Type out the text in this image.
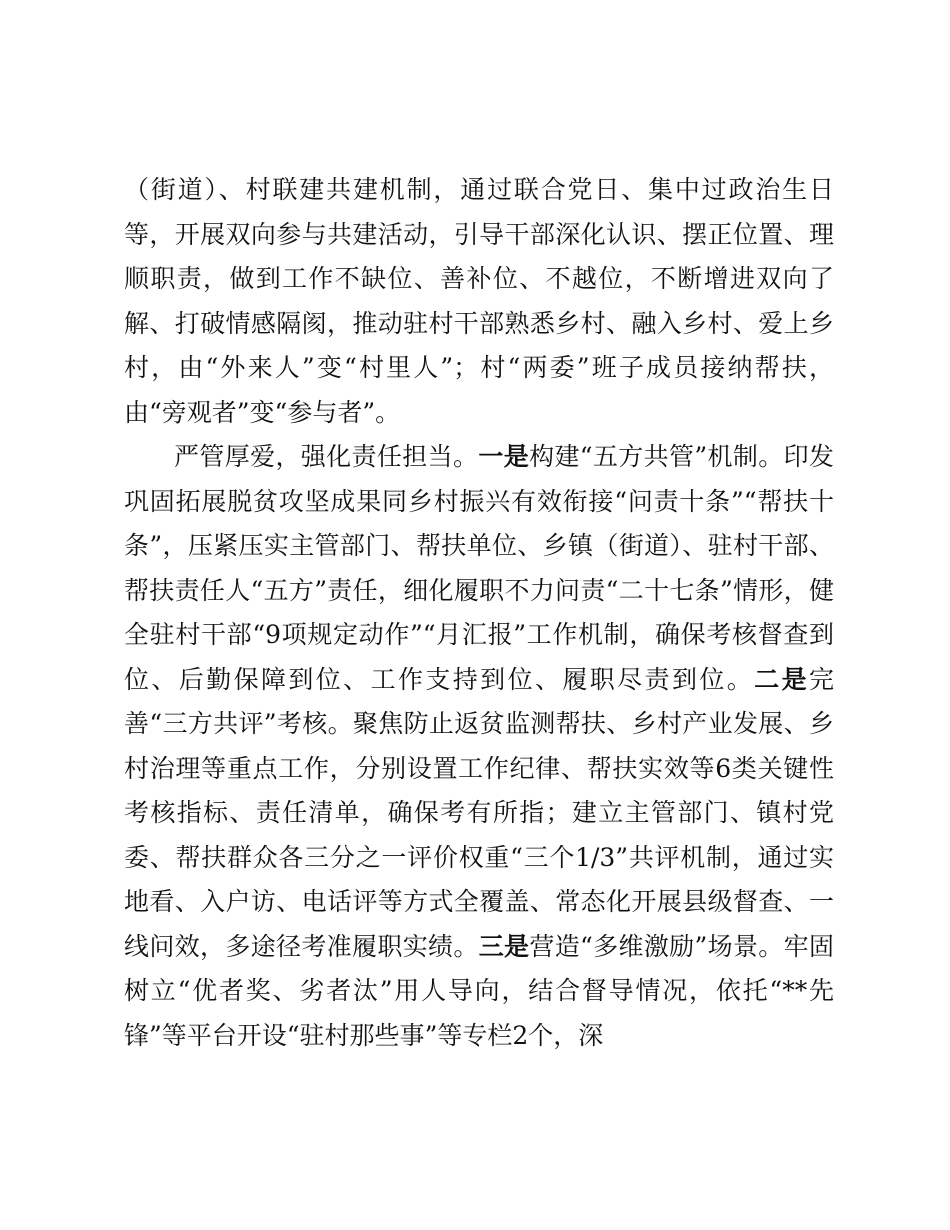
（街道）、村联建共建机制，通过联合党日、集中过政治生日等，开展双向参与共建活动，引导干部深化认识、摆正位置、理顺职责，做到工作不缺位、善补位、不越位，不断增进双向了解、打破情感隔阂，推动驻村干部熟悉乡村、融入乡村、爱上乡村，由“外来人”变“村里人”；村“两委”班子成员接纳帮扶，由“旁观者”变“参与者”。

严管厚爱，强化责任担当。一是构建“五方共管”机制。印发巩固拓展脱贫攻坚成果同乡村振兴有效衔接“问责十条”“帮扶十条”，压紧压实主管部门、帮扶单位、乡镇（街道）、驻村干部、帮扶责任人“五方”责任，细化履职不力问责“二十七条”情形，健全驻村干部“9项规定动作”“月汇报”工作机制，确保考核督查到位、后勤保障到位、工作支持到位、履职尽责到位。二是完善“三方共评”考核。聚焦防止返贫监测帮扶、乡村产业发展、乡村治理等重点工作，分别设置工作纪律、帮扶实效等6类关键性考核指标、责任清单，确保考有所指；建立主管部门、镇村党委、帮扶群众各三分之一评价权重“三个1/3”共评机制，通过实地看、入户访、电话评等方式全覆盖、常态化开展县级督查、一线问效，多途径考准履职实绩。三是营造“多维激励”场景。牢固树立“优者奖、劣者汰”用人导向，结合督导情况，依托“**先锋”等平台开设“驻村那些事”等专栏2个，深
